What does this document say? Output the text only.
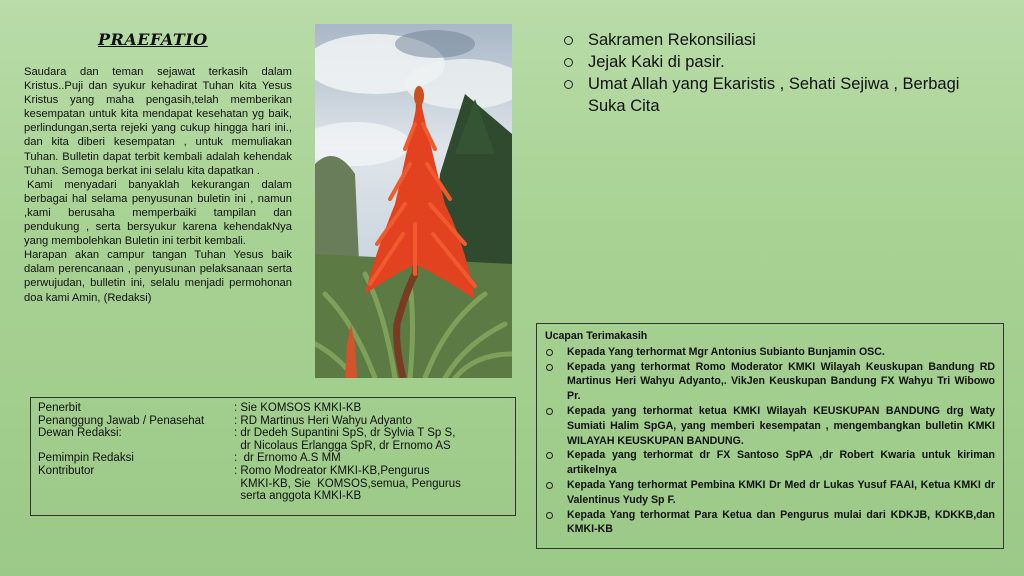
PRAEFATIO

Saudara dan teman sejawat terkasih dalam Kristus..Puji dan syukur kehadirat Tuhan kita Yesus Kristus yang maha pengasih,telah memberikan kesempatan untuk kita mendapat kesehatan yg baik, perlindungan,serta rejeki yang cukup hingga hari ini., dan kita diberi kesempatan , untuk memuliakan Tuhan. Bulletin dapat terbit kembali adalah kehendak Tuhan. Semoga berkat ini selalu kita dapatkan .

Kami menyadari banyaklah kekurangan dalam berbagai hal selama penyusunan buletin ini , namun ,kami berusaha memperbaiki tampilan dan pendukung , serta bersyukur karena kehendakNya yang membolehkan Buletin ini terbit kembali.

Harapan akan campur tangan Tuhan Yesus baik dalam perencanaan , penyusunan pelaksanaan serta perwujudan, bulletin ini, selalu menjadi permohonan doa kami Amin, (Redaksi)

Sakramen Rekonsiliasi
Jejak Kaki di pasir.
Umat Allah yang Ekaristis , Sehati Sejiwa , Berbagi Suka Cita
Penerbit	: Sie KOMSOS KMKI-KB
Penanggung Jawab / Penasehat	: RD Martinus Heri Wahyu Adyanto
Dewan Redaksi:	: dr Dedeh Supantini SpS, dr Sylvia T Sp S,
dr Nicolaus Erlangga SpR, dr Ernomo AS
Pemimpin Redaksi	:  dr Ernomo A.S MM
Kontributor	: Romo Modreator KMKI-KB,Pengurus
KMKI-KB, Sie  KOMSOS,semua, Pengurus
serta anggota KMKI-KB
Ucapan Terimakasih
Kepada Yang terhormat Mgr Antonius Subianto Bunjamin OSC.
Kepada yang terhormat Romo Moderator KMKI Wilayah Keuskupan Bandung RD Martinus Heri Wahyu Adyanto,. VikJen Keuskupan Bandung FX Wahyu Tri Wibowo Pr.
Kepada yang terhormat ketua KMKI Wilayah KEUSKUPAN BANDUNG drg Waty Sumiati Halim SpGA, yang memberi kesempatan , mengembangkan bulletin KMKI WILAYAH KEUSKUPAN BANDUNG.
Kepada yang terhormat dr FX Santoso SpPA ,dr Robert Kwaria untuk kiriman artikelnya
Kepada Yang terhormat Pembina KMKI Dr Med dr Lukas Yusuf FAAI, Ketua KMKI dr Valentinus Yudy Sp F.
Kepada Yang terhormat Para Ketua dan Pengurus mulai dari KDKJB, KDKKB,dan KMKI-KB
